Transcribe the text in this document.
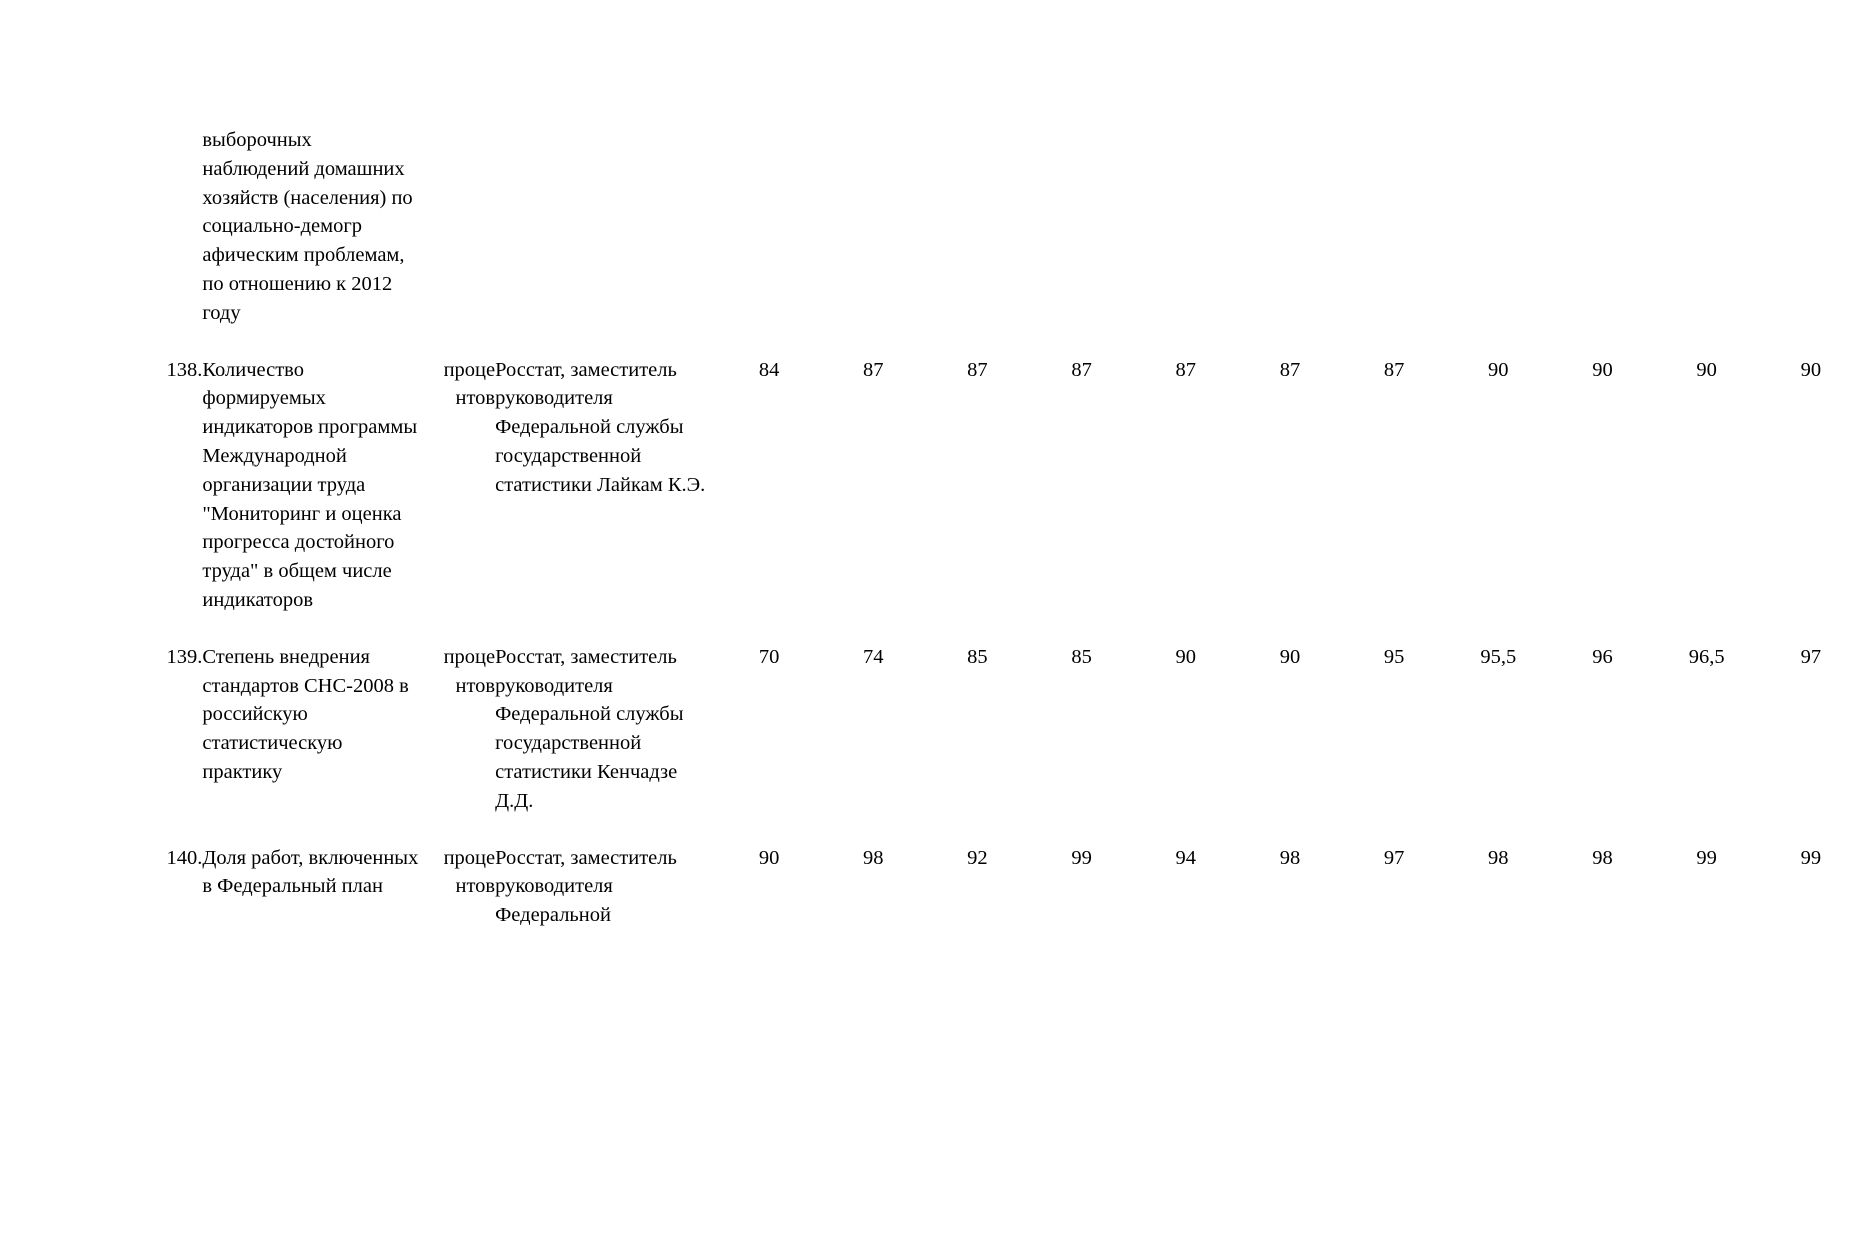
	выборочных наблюдений домашних хозяйств (населения) по социально-демогр афическим проблемам, по отношению к 2012 году													

138.	Количество формируемых индикаторов программы Международной организации труда "Мониторинг и оценка прогресса достойного труда" в общем числе индикаторов	проце нтов	Росстат, заместитель руководителя Федеральной службы государственной статистики Лайкам К.Э.	84	87	87	87	87	87	87	90	90	90	90

139.	Степень внедрения стандартов СНС-2008 в российскую статистическую практику	проце нтов	Росстат, заместитель руководителя Федеральной службы государственной статистики Кенчадзе Д.Д.	70	74	85	85	90	90	95	95,5	96	96,5	97

140.	Доля работ, включенных в Федеральный план	проце нтов	Росстат, заместитель руководителя Федеральной	90	98	92	99	94	98	97	98	98	99	99
